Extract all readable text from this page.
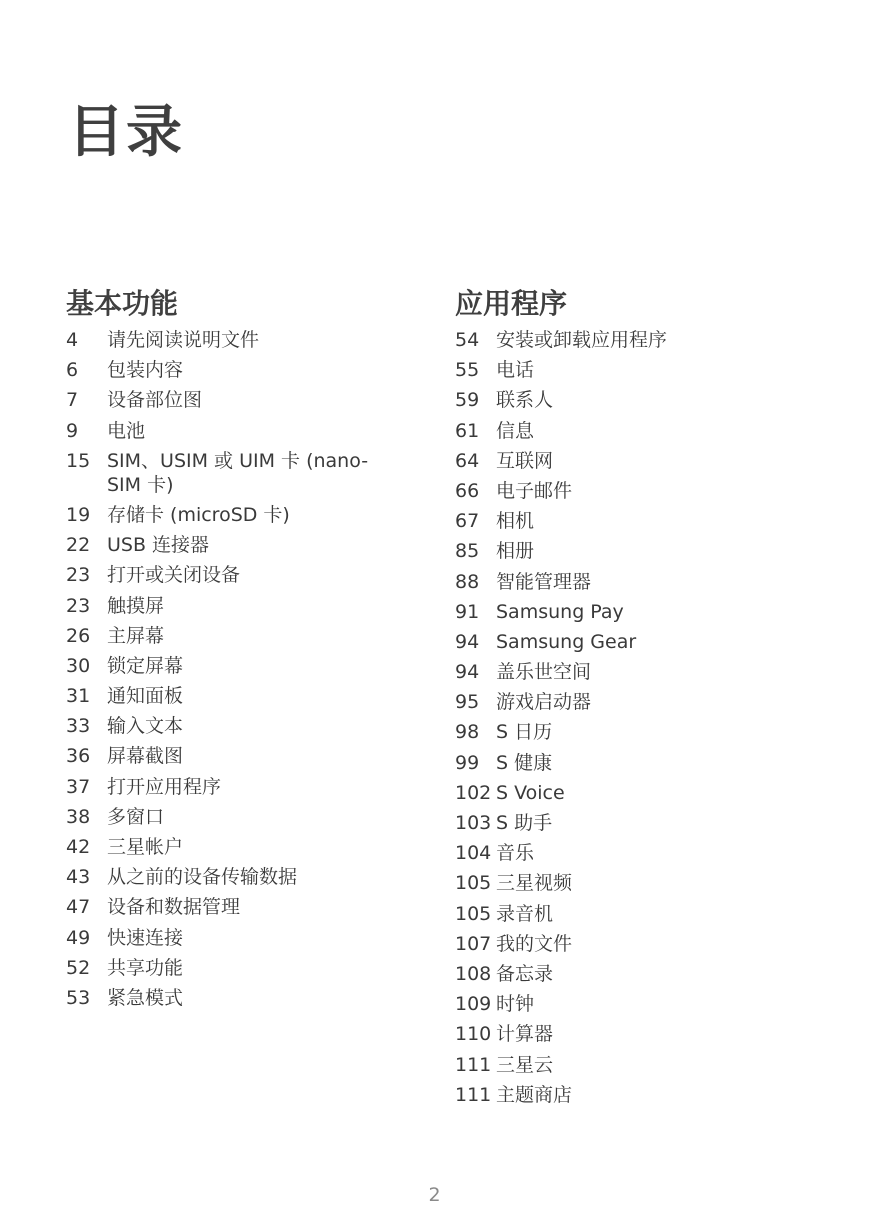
目录
基本功能
4	请先阅读说明文件
6	包装内容
7	设备部位图
9	电池
15 SIM、USIM 或 UIM 卡 (nano-SIM 卡)
19 存储卡 (microSD 卡)
22 USB 连接器
23 打开或关闭设备
23 触摸屏
26 主屏幕
30 锁定屏幕
31 通知面板
33 输入文本
36 屏幕截图
37 打开应用程序
38 多窗口
42 三星帐户
43 从之前的设备传输数据
47 设备和数据管理
49 快速连接
52 共享功能
53 紧急模式
应用程序
54 安装或卸载应用程序
55 电话
59 联系人
61 信息
64 互联网
66 电子邮件
67 相机
85 相册
88 智能管理器
91 Samsung Pay
94 Samsung Gear
94 盖乐世空间
95 游戏启动器
98 S 日历
99 S 健康
102 S Voice
103 S 助手
104 音乐
105 三星视频
105 录音机
107 我的文件
108 备忘录
109 时钟
110 计算器
111 三星云
111 主题商店
2
